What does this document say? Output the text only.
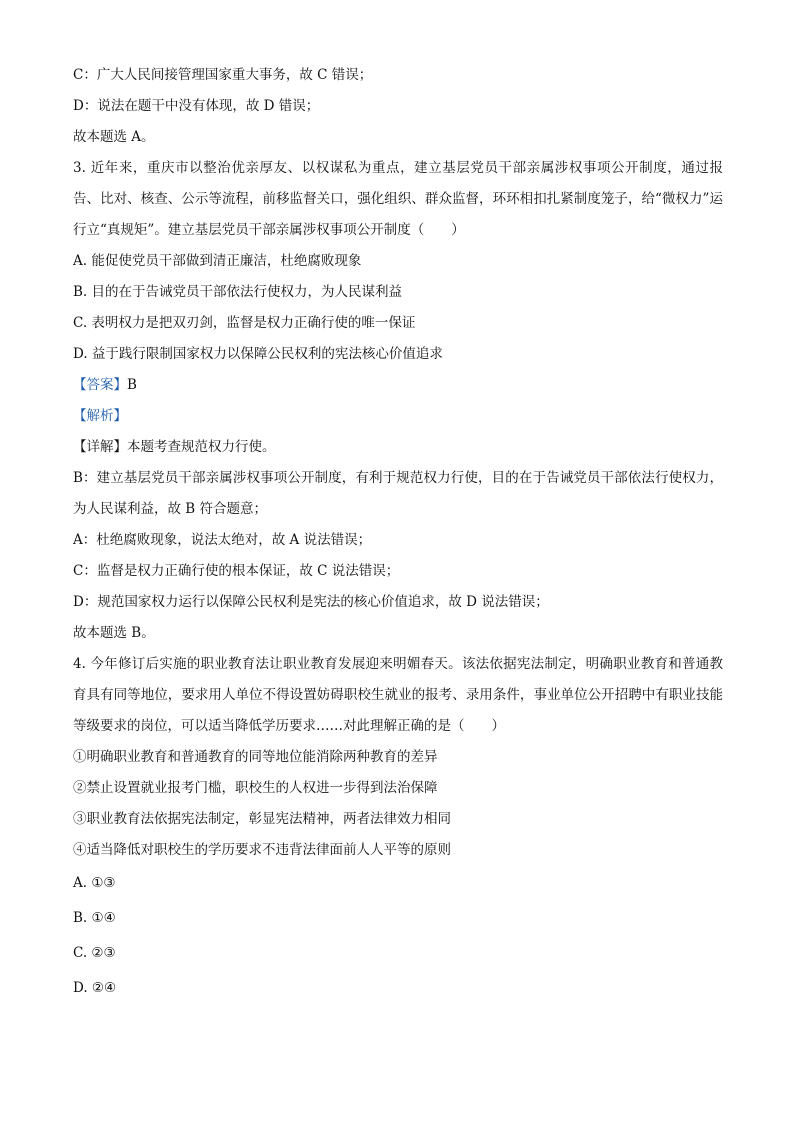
C：广大人民间接管理国家重大事务，故 C 错误；
D：说法在题干中没有体现，故 D 错误；
故本题选 A。
3. 近年来，重庆市以整治优亲厚友、以权谋私为重点，建立基层党员干部亲属涉权事项公开制度，通过报告、比对、核查、公示等流程，前移监督关口，强化组织、群众监督，环环相扣扎紧制度笼子，给“微权力”运行立“真规矩”。建立基层党员干部亲属涉权事项公开制度（　　）
A. 能促使党员干部做到清正廉洁，杜绝腐败现象
B. 目的在于告诫党员干部依法行使权力，为人民谋利益
C. 表明权力是把双刃剑，监督是权力正确行使的唯一保证
D. 益于践行限制国家权力以保障公民权利的宪法核心价值追求
【答案】B
【解析】
【详解】本题考查规范权力行使。
B：建立基层党员干部亲属涉权事项公开制度，有利于规范权力行使，目的在于告诫党员干部依法行使权力，为人民谋利益，故 B 符合题意；
A：杜绝腐败现象，说法太绝对，故 A 说法错误；
C：监督是权力正确行使的根本保证，故 C 说法错误；
D：规范国家权力运行以保障公民权利是宪法的核心价值追求，故 D 说法错误；
故本题选 B。
4. 今年修订后实施的职业教育法让职业教育发展迎来明媚春天。该法依据宪法制定，明确职业教育和普通教育具有同等地位，要求用人单位不得设置妨碍职校生就业的报考、录用条件，事业单位公开招聘中有职业技能等级要求的岗位，可以适当降低学历要求……对此理解正确的是（　　）
①明确职业教育和普通教育的同等地位能消除两种教育的差异
②禁止设置就业报考门槛，职校生的人权进一步得到法治保障
③职业教育法依据宪法制定，彰显宪法精神，两者法律效力相同
④适当降低对职校生的学历要求不违背法律面前人人平等的原则
A. ①③
B. ①④
C. ②③
D. ②④
